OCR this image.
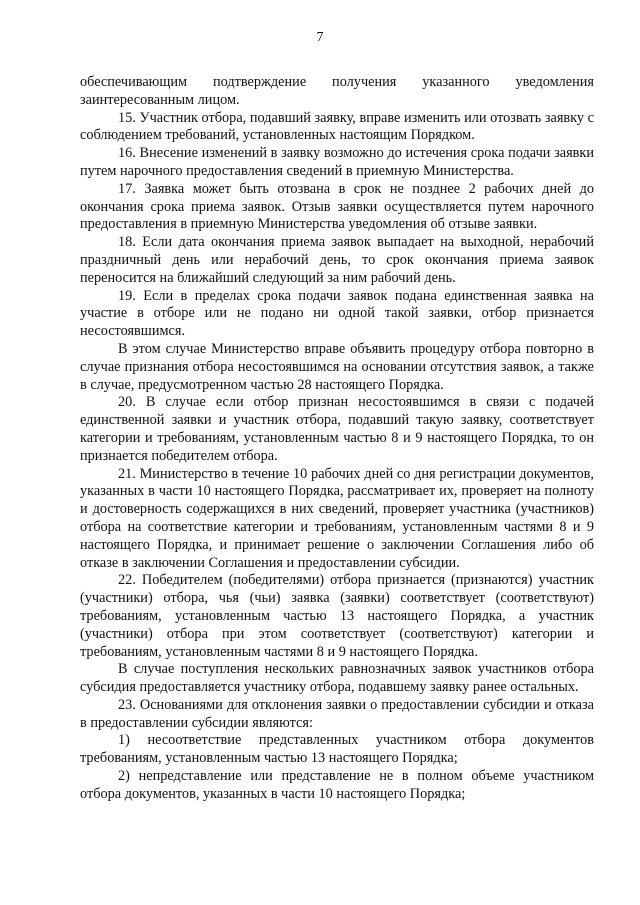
7

обеспечивающим подтверждение получения указанного уведомления заинтересованным лицом.

15. Участник отбора, подавший заявку, вправе изменить или отозвать заявку с соблюдением требований, установленных настоящим Порядком.

16. Внесение изменений в заявку возможно до истечения срока подачи заявки путем нарочного предоставления сведений в приемную Министерства.

17. Заявка может быть отозвана в срок не позднее 2 рабочих дней до окончания срока приема заявок. Отзыв заявки осуществляется путем нарочного предоставления в приемную Министерства уведомления об отзыве заявки.

18. Если дата окончания приема заявок выпадает на выходной, нерабочий праздничный день или нерабочий день, то срок окончания приема заявок переносится на ближайший следующий за ним рабочий день.

19. Если в пределах срока подачи заявок подана единственная заявка на участие в отборе или не подано ни одной такой заявки, отбор признается несостоявшимся.

В этом случае Министерство вправе объявить процедуру отбора повторно в случае признания отбора несостоявшимся на основании отсутствия заявок, а также в случае, предусмотренном частью 28 настоящего Порядка.

20. В случае если отбор признан несостоявшимся в связи с подачей единственной заявки и участник отбора, подавший такую заявку, соответствует категории и требованиям, установленным частью 8 и 9 настоящего Порядка, то он признается победителем отбора.

21. Министерство в течение 10 рабочих дней со дня регистрации документов, указанных в части 10 настоящего Порядка, рассматривает их, проверяет на полноту и достоверность содержащихся в них сведений, проверяет участника (участников) отбора на соответствие категории и требованиям, установленным частями 8 и 9 настоящего Порядка, и принимает решение о заключении Соглашения либо об отказе в заключении Соглашения и предоставлении субсидии.

22. Победителем (победителями) отбора признается (признаются) участник (участники) отбора, чья (чьи) заявка (заявки) соответствует (соответствуют) требованиям, установленным частью 13 настоящего Порядка, а участник (участники) отбора при этом соответствует (соответствуют) категории и требованиям, установленным частями 8 и 9 настоящего Порядка.

В случае поступления нескольких равнозначных заявок участников отбора субсидия предоставляется участнику отбора, подавшему заявку ранее остальных.

23. Основаниями для отклонения заявки о предоставлении субсидии и отказа в предоставлении субсидии являются:

1) несоответствие представленных участником отбора документов требованиям, установленным частью 13 настоящего Порядка;

2) непредставление или представление не в полном объеме участником отбора документов, указанных в части 10 настоящего Порядка;
